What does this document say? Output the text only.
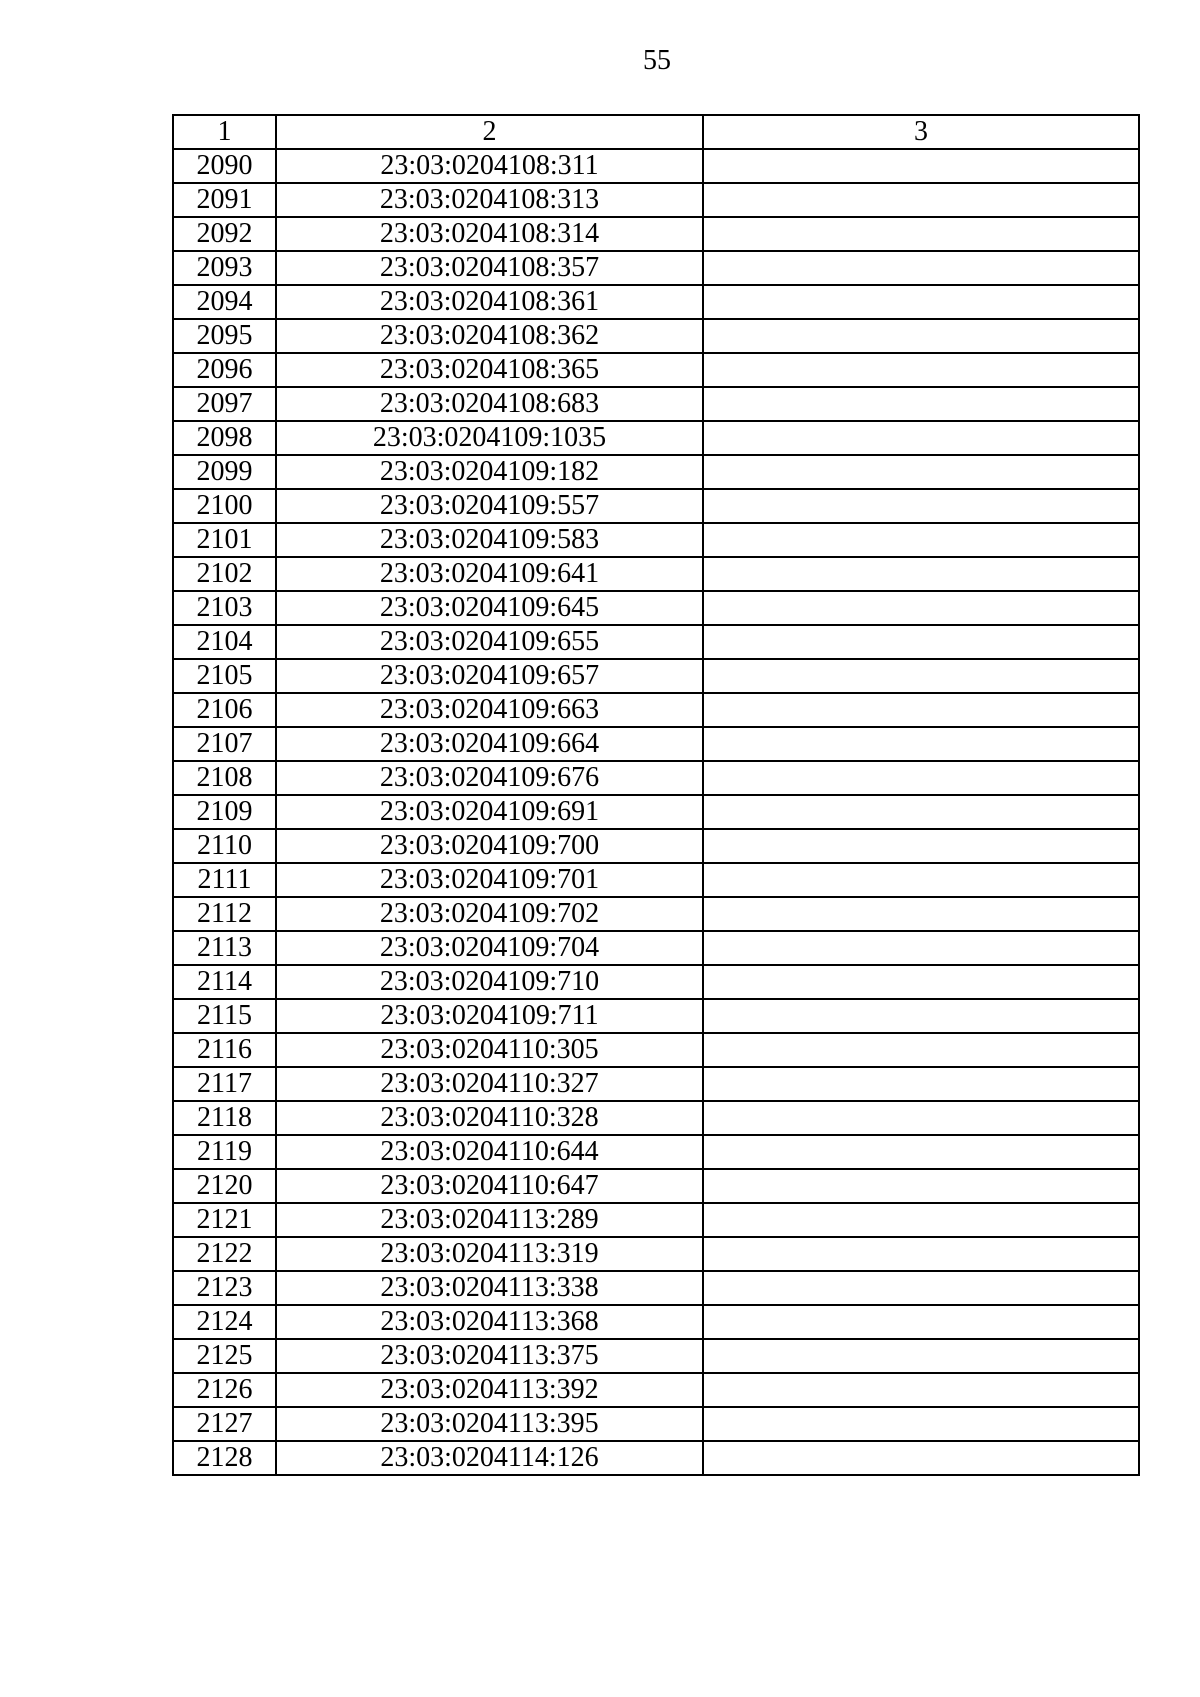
55
1	2	3
2090	23:03:0204108:311	
2091	23:03:0204108:313	
2092	23:03:0204108:314	
2093	23:03:0204108:357	
2094	23:03:0204108:361	
2095	23:03:0204108:362	
2096	23:03:0204108:365	
2097	23:03:0204108:683	
2098	23:03:0204109:1035	
2099	23:03:0204109:182	
2100	23:03:0204109:557	
2101	23:03:0204109:583	
2102	23:03:0204109:641	
2103	23:03:0204109:645	
2104	23:03:0204109:655	
2105	23:03:0204109:657	
2106	23:03:0204109:663	
2107	23:03:0204109:664	
2108	23:03:0204109:676	
2109	23:03:0204109:691	
2110	23:03:0204109:700	
2111	23:03:0204109:701	
2112	23:03:0204109:702	
2113	23:03:0204109:704	
2114	23:03:0204109:710	
2115	23:03:0204109:711	
2116	23:03:0204110:305	
2117	23:03:0204110:327	
2118	23:03:0204110:328	
2119	23:03:0204110:644	
2120	23:03:0204110:647	
2121	23:03:0204113:289	
2122	23:03:0204113:319	
2123	23:03:0204113:338	
2124	23:03:0204113:368	
2125	23:03:0204113:375	
2126	23:03:0204113:392	
2127	23:03:0204113:395	
2128	23:03:0204114:126	
